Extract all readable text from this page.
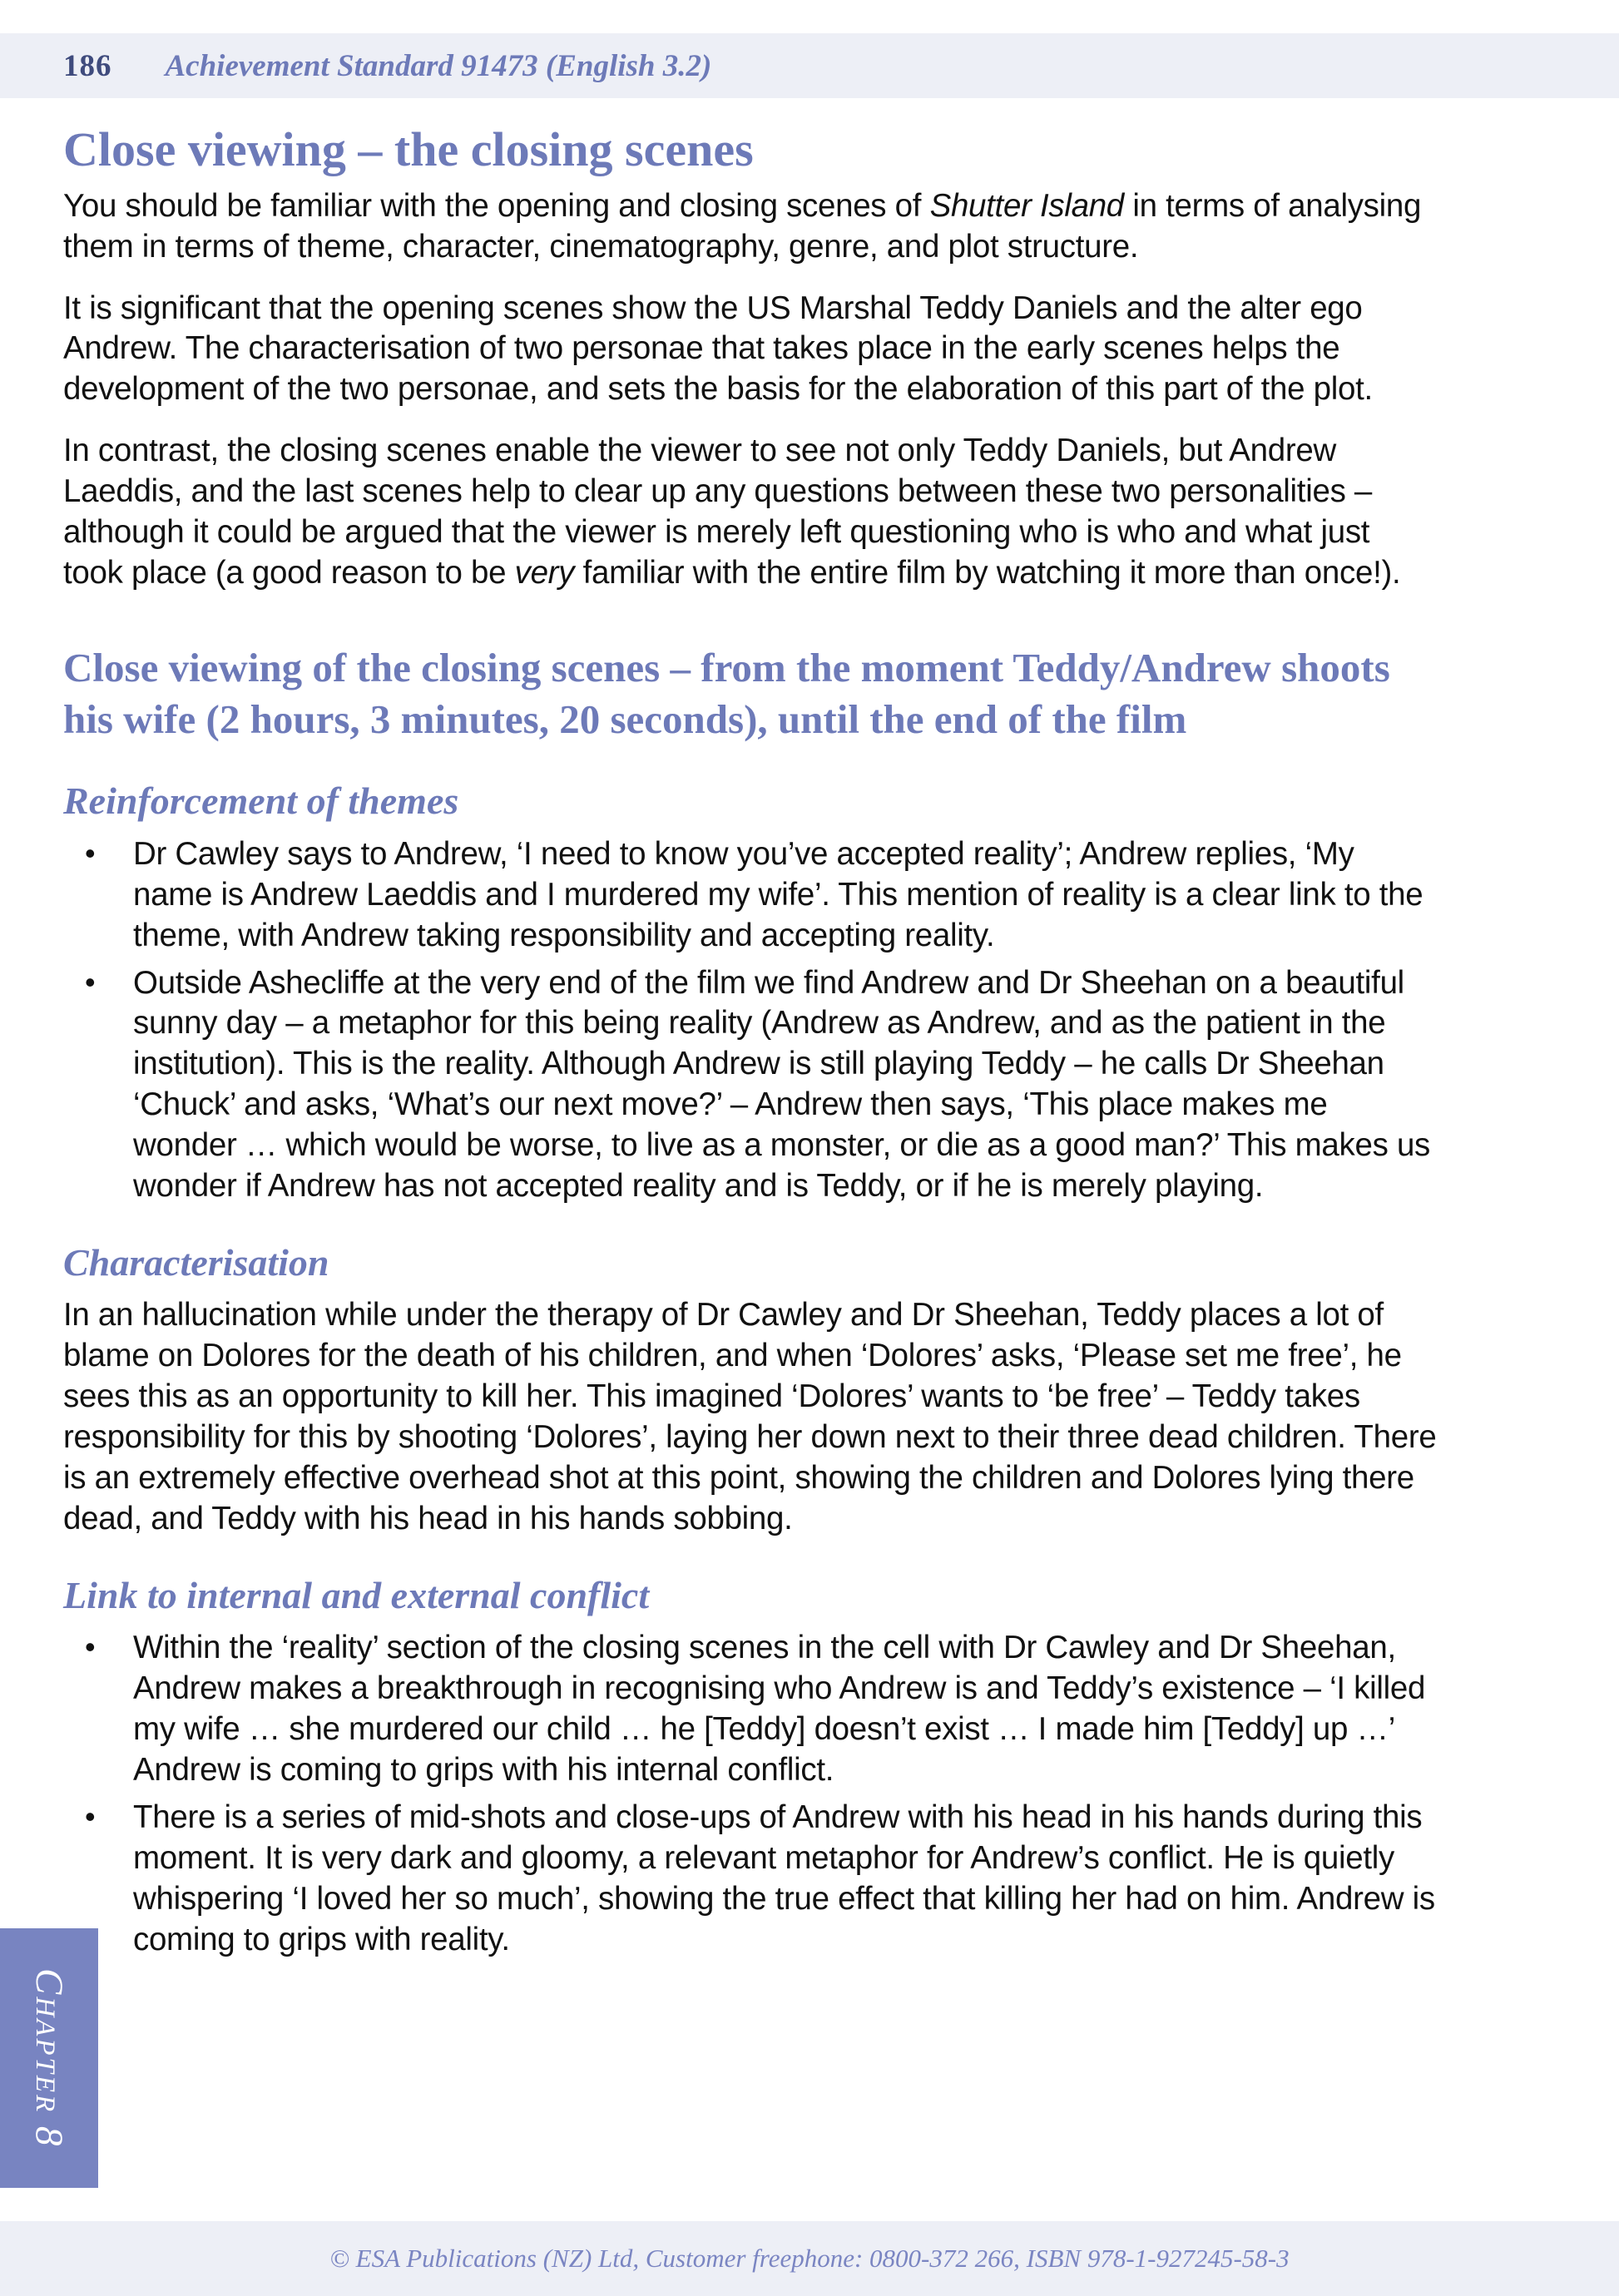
186 Achievement Standard 91473 (English 3.2)
Close viewing – the closing scenes

You should be familiar with the opening and closing scenes of Shutter Island in terms of analysing them in terms of theme, character, cinematography, genre, and plot structure.

It is significant that the opening scenes show the US Marshal Teddy Daniels and the alter ego Andrew. The characterisation of two personae that takes place in the early scenes helps the development of the two personae, and sets the basis for the elaboration of this part of the plot.

In contrast, the closing scenes enable the viewer to see not only Teddy Daniels, but Andrew Laeddis, and the last scenes help to clear up any questions between these two personalities – although it could be argued that the viewer is merely left questioning who is who and what just took place (a good reason to be very familiar with the entire film by watching it more than once!).

Close viewing of the closing scenes – from the moment Teddy/Andrew shoots his wife (2 hours, 3 minutes, 20 seconds), until the end of the film
Reinforcement of themes
•	Dr Cawley says to Andrew, ‘I need to know you’ve accepted reality’; Andrew replies, ‘My name is Andrew Laeddis and I murdered my wife’. This mention of reality is a clear link to the theme, with Andrew taking responsibility and accepting reality.
•	Outside Ashecliffe at the very end of the film we find Andrew and Dr Sheehan on a beautiful sunny day – a metaphor for this being reality (Andrew as Andrew, and as the patient in the institution). This is the reality. Although Andrew is still playing Teddy – he calls Dr Sheehan ‘Chuck’ and asks, ‘What’s our next move?’ – Andrew then says, ‘This place makes me wonder … which would be worse, to live as a monster, or die as a good man?’ This makes us wonder if Andrew has not accepted reality and is Teddy, or if he is merely playing.
Characterisation

In an hallucination while under the therapy of Dr Cawley and Dr Sheehan, Teddy places a lot of blame on Dolores for the death of his children, and when ‘Dolores’ asks, ‘Please set me free’, he sees this as an opportunity to kill her. This imagined ‘Dolores’ wants to ‘be free’ – Teddy takes responsibility for this by shooting ‘Dolores’, laying her down next to their three dead children. There is an extremely effective overhead shot at this point, showing the children and Dolores lying there dead, and Teddy with his head in his hands sobbing.

Link to internal and external conflict
•	Within the ‘reality’ section of the closing scenes in the cell with Dr Cawley and Dr Sheehan, Andrew makes a breakthrough in recognising who Andrew is and Teddy’s existence – ‘I killed my wife … she murdered our child … he [Teddy] doesn’t exist … I made him [Teddy] up …’ Andrew is coming to grips with his internal conflict.
•	There is a series of mid-shots and close-ups of Andrew with his head in his hands during this moment. It is very dark and gloomy, a relevant metaphor for Andrew’s conflict. He is quietly whispering ‘I loved her so much’, showing the true effect that killing her had on him. Andrew is coming to grips with reality.
Chapter 8
© ESA Publications (NZ) Ltd, Customer freephone: 0800-372 266, ISBN 978-1-927245-58-3
